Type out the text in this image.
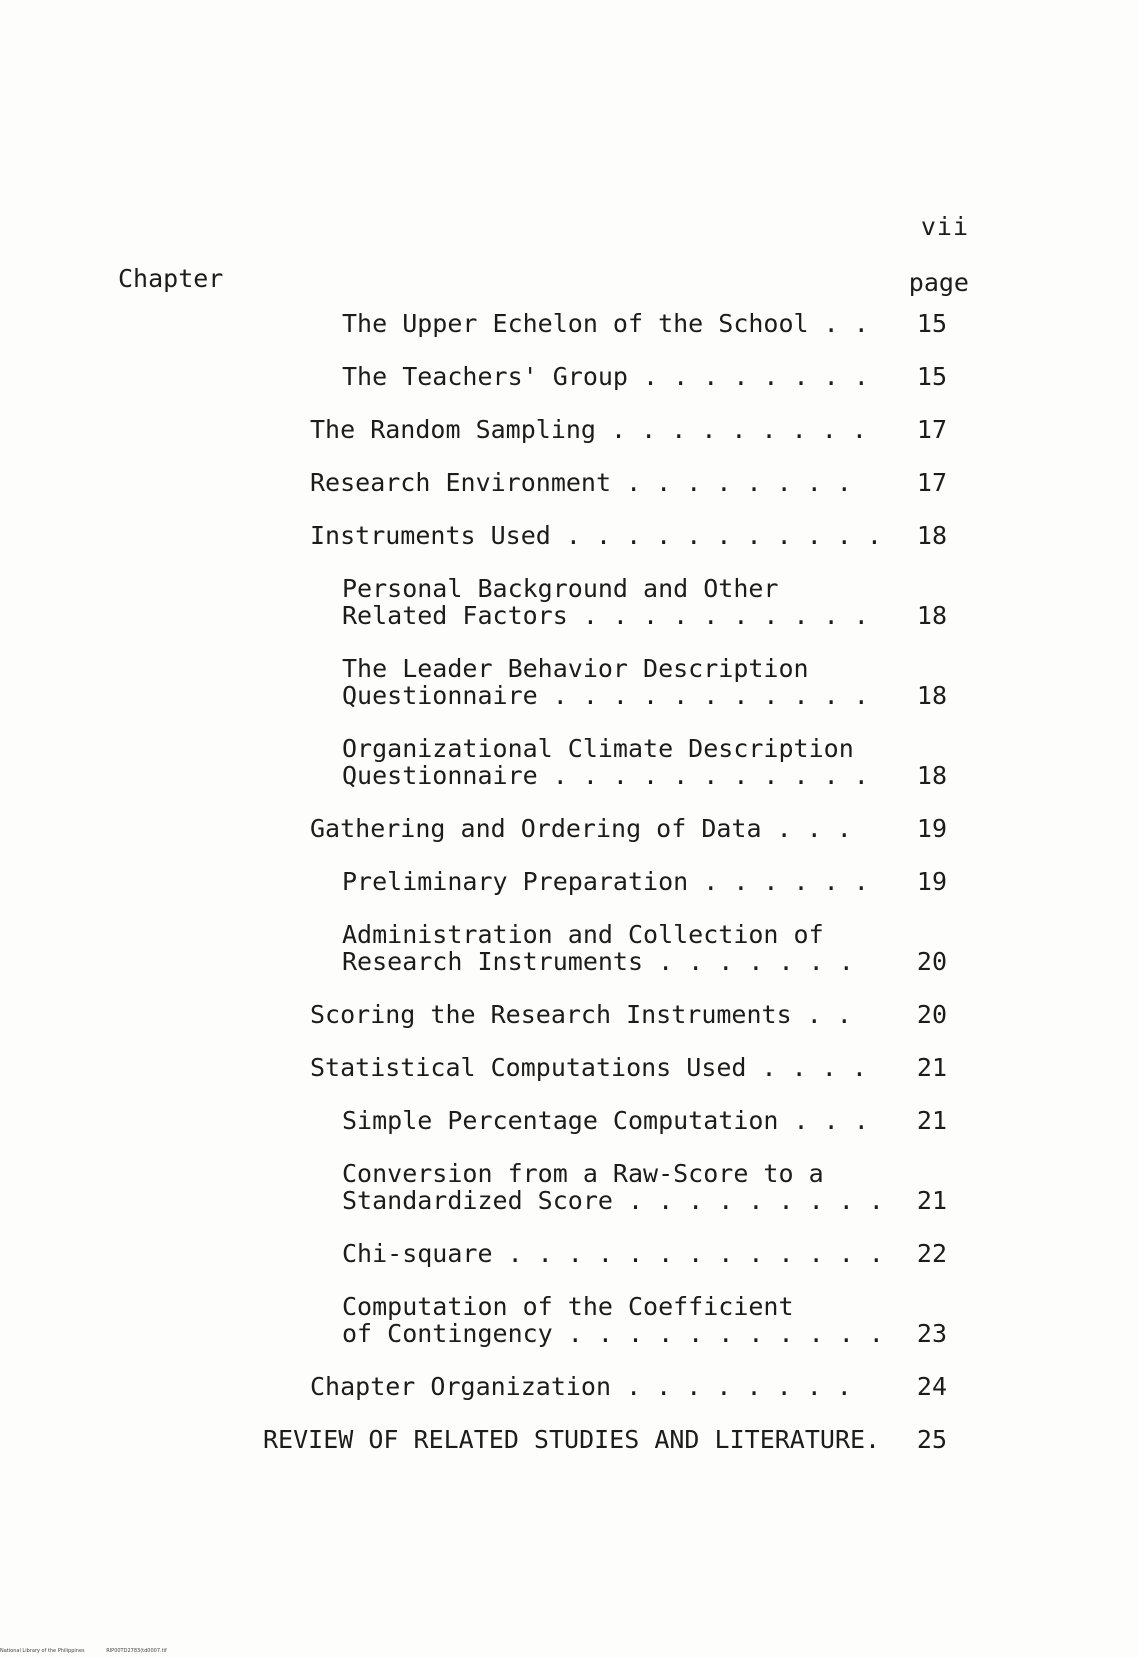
vii
Chapter	page
The Upper Echelon of the School . .	15
The Teachers' Group . . . . . . . .	15
The Random Sampling . . . . . . . . .	17
Research Environment . . . . . . . .	17
Instruments Used . . . . . . . . . . .	18
Personal Background and Other
Related Factors . . . . . . . . . .	18
The Leader Behavior Description
Questionnaire . . . . . . . . . . .	18
Organizational Climate Description
Questionnaire . . . . . . . . . . .	18
Gathering and Ordering of Data . . .	19
Preliminary Preparation . . . . . .	19
Administration and Collection of
Research Instruments . . . . . . .	20
Scoring the Research Instruments . .	20
Statistical Computations Used . . . .	21
Simple Percentage Computation . . .	21
Conversion from a Raw-Score to a
Standardized Score . . . . . . . . .	21
Chi-square . . . . . . . . . . . . .	22
Computation of the Coefficient
of Contingency . . . . . . . . . . .	23
Chapter Organization . . . . . . . .	24
REVIEW OF RELATED STUDIES AND LITERATURE.	25
National Library of the Philippines	RIP00TD2783(td0007.tif
